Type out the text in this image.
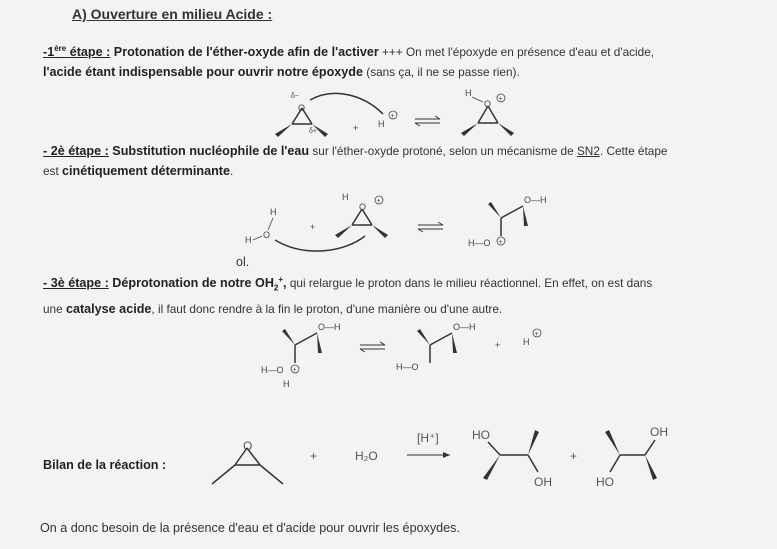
A) Ouverture en milieu Acide :
-1ère étape : Protonation de l'éther-oxyde afin de l'activer +++ On met l'époxyde en présence d'eau et d'acide,
l'acide étant indispensable pour ouvrir notre époxyde (sans ça, il ne se passe rien).
O
δ−
δ+	+ H
+
O
H
+
- 2è étape : Substitution nucléophile de l'eau sur l'éther-oxyde protoné, selon un mécanisme de SN2. Cette étape
est cinétiquement déterminante.
H
O
H
+
O
H	+	O—H
H—O +
ol.
- 3è étape : Déprotonation de notre $OH_2^+$, qui relargue le proton dans le milieu réactionnel. En effet, on est dans
une catalyse acide, il faut donc rendre à la fin le proton, d'une manière ou d'une autre.
O—H
H—O +
H
O—H
H—O
+	H
+
Bilan de la réaction :
O
+	H₂O
[H⁺]	HO
OH
+
OH
HO
On a donc besoin de la présence d'eau et d'acide pour ouvrir les époxydes.
